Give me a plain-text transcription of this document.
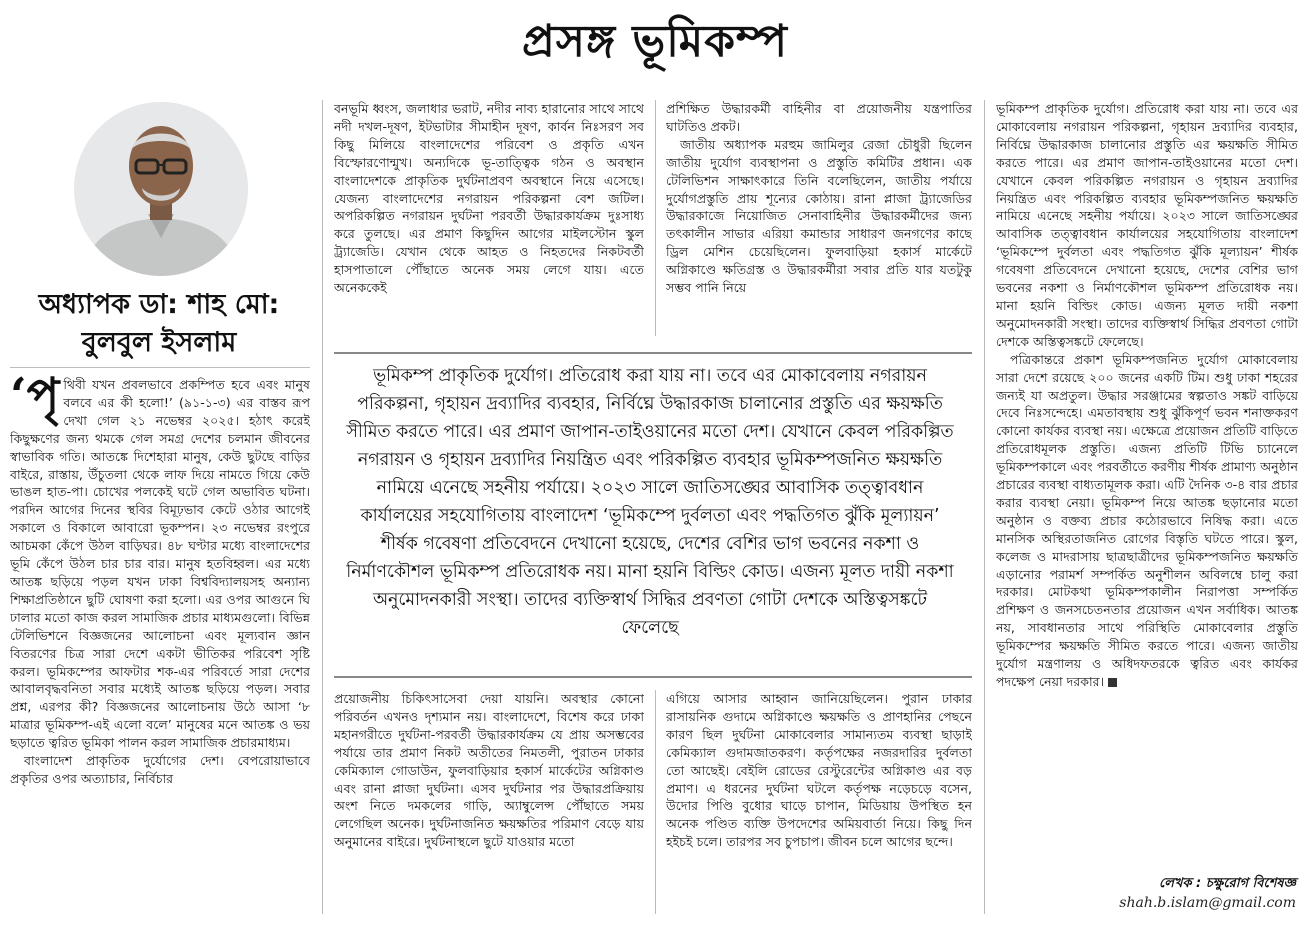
প্রসঙ্গ ভূমিকম্প
অধ্যাপক ডা: শাহ মো:
বুলবুল ইসলাম

‘পৃ থিবী যখন প্রবলভাবে প্রকম্পিত হবে এবং মানুষ বলবে এর কী হলো!’ (৯১-১-৩) এর বাস্তব রূপ দেখা গেল ২১ নভেম্বর ২০২৫। হঠাৎ করেই কিছুক্ষণের জন্য থমকে গেল সমগ্র দেশের চলমান জীবনের স্বাভাবিক গতি। আতঙ্কে দিশেহারা মানুষ, কেউ ছুটছে বাড়ির বাইরে, রাস্তায়, উঁচুতলা থেকে লাফ দিয়ে নামতে গিয়ে কেউ ভাঙল হাত-পা। চোখের পলকেই ঘটে গেল অভাবিত ঘটনা। পরদিন আগের দিনের স্থবির বিমূঢ়ভাব কেটে ওঠার আগেই সকালে ও বিকালে আবারো ভূকম্পন। ২৩ নভেম্বর রংপুরে আচমকা কেঁপে উঠল বাড়িঘর। ৪৮ ঘণ্টার মধ্যে বাংলাদেশের ভূমি কেঁপে উঠল চার চার বার। মানুষ হতবিহ্বল। এর মধ্যে আতঙ্ক ছড়িয়ে পড়ল যখন ঢাকা বিশ্ববিদ্যালয়সহ অন্যান্য শিক্ষাপ্রতিষ্ঠানে ছুটি ঘোষণা করা হলো। এর ওপর আগুনে ঘি ঢালার মতো কাজ করল সামাজিক প্রচার মাধ্যমগুলো। বিভিন্ন টেলিভিশনে বিজ্ঞজনের আলোচনা এবং মূল্যবান জ্ঞান বিতরণের চিত্র সারা দেশে একটা ভীতিকর পরিবেশ সৃষ্টি করল। ভূমিকম্পের আফটার শক-এর পরিবর্তে সারা দেশের আবালবৃদ্ধবনিতা সবার মধ্যেই আতঙ্ক ছড়িয়ে পড়ল। সবার প্রশ্ন, এরপর কী? বিজ্ঞজনের আলোচনায় উঠে আসা ‘৮ মাত্রার ভূমিকম্প-এই এলো বলে’ মানুষের মনে আতঙ্ক ও ভয় ছড়াতে ত্বরিত ভূমিকা পালন করল সামাজিক প্রচারমাধ্যম।

বাংলাদেশ প্রাকৃতিক দুর্যোগের দেশ। বেপরোয়াভাবে প্রকৃতির ওপর অত্যাচার, নির্বিচার

বনভূমি ধ্বংস, জলাধার ভরাট, নদীর নাব্য হারানোর সাথে সাথে নদী দখল-দূষণ, ইটভাটার সীমাহীন দূষণ, কার্বন নিঃসরণ সব কিছু মিলিয়ে বাংলাদেশের পরিবেশ ও প্রকৃতি এখন বিস্ফোরণোন্মুখ। অন্যদিকে ভূ-তাত্ত্বিক গঠন ও অবস্থান বাংলাদেশকে প্রাকৃতিক দুর্ঘটনাপ্রবণ অবস্থানে নিয়ে এসেছে। যেজন্য বাংলাদেশের নগরায়ন পরিকল্পনা বেশ জটিল। অপরিকল্পিত নগরায়ন দুর্ঘটনা পরবর্তী উদ্ধারকার্যক্রম দুঃসাধ্য করে তুলছে। এর প্রমাণ কিছুদিন আগের মাইলস্টোন স্কুল ট্র্যাজেডি। যেখান থেকে আহত ও নিহতদের নিকটবর্তী হাসপাতালে পৌঁছাতে অনেক সময় লেগে যায়। এতে অনেককেই

প্রশিক্ষিত উদ্ধারকর্মী বাহিনীর বা প্রয়োজনীয় যন্ত্রপাতির ঘাটতিও প্রকট।

জাতীয় অধ্যাপক মরহুম জামিলুর রেজা চৌধুরী ছিলেন জাতীয় দুর্যোগ ব্যবস্থাপনা ও প্রস্তুতি কমিটির প্রধান। এক টেলিভিশন সাক্ষাৎকারে তিনি বলেছিলেন, জাতীয় পর্যায়ে দুর্যোগপ্রস্তুতি প্রায় শূন্যের কোঠায়। রানা প্লাজা ট্র্যাজেডির উদ্ধারকাজে নিয়োজিত সেনাবাহিনীর উদ্ধারকর্মীদের জন্য তৎকালীন সাভার এরিয়া কমান্ডার সাধারণ জনগণের কাছে ড্রিল মেশিন চেয়েছিলেন। ফুলবাড়িয়া হকার্স মার্কেটে অগ্নিকাণ্ডে ক্ষতিগ্রস্ত ও উদ্ধারকর্মীরা সবার প্রতি যার যতটুকু সম্ভব পানি নিয়ে

ভূমিকম্প প্রাকৃতিক দুর্যোগ। প্রতিরোধ করা যায় না। তবে এর মোকাবেলায় নগরায়ন পরিকল্পনা, গৃহায়ন দ্রব্যাদির ব্যবহার, নির্বিঘ্নে উদ্ধারকাজ চালানোর প্রস্তুতি এর ক্ষয়ক্ষতি সীমিত করতে পারে। এর প্রমাণ জাপান-তাইওয়ানের মতো দেশ। যেখানে কেবল পরিকল্পিত নগরায়ন ও গৃহায়ন দ্রব্যাদির নিয়ন্ত্রিত এবং পরিকল্পিত ব্যবহার ভূমিকম্পজনিত ক্ষয়ক্ষতি নামিয়ে এনেছে সহনীয় পর্যায়ে। ২০২৩ সালে জাতিসঙ্ঘের আবাসিক তত্ত্বাবধান কার্যালয়ের সহযোগিতায় বাংলাদেশ ‘ভূমিকম্পে দুর্বলতা এবং পদ্ধতিগত ঝুঁকি মূল্যায়ন’ শীর্ষক গবেষণা প্রতিবেদনে দেখানো হয়েছে, দেশের বেশির ভাগ ভবনের নকশা ও নির্মাণকৌশল ভূমিকম্প প্রতিরোধক নয়। মানা হয়নি বিল্ডিং কোড। এজন্য মূলত দায়ী নকশা অনুমোদনকারী সংস্থা। তাদের ব্যক্তিস্বার্থ সিদ্ধির প্রবণতা গোটা দেশকে অস্তিত্বসঙ্কটে ফেলেছে

প্রয়োজনীয় চিকিৎসাসেবা দেয়া যায়নি। অবস্থার কোনো পরিবর্তন এখনও দৃশ্যমান নয়। বাংলাদেশে, বিশেষ করে ঢাকা মহানগরীতে দুর্ঘটনা-পরবর্তী উদ্ধারকার্যক্রম যে প্রায় অসম্ভবের পর্যায়ে তার প্রমাণ নিকট অতীতের নিমতলী, পুরাতন ঢাকার কেমিক্যাল গোডাউন, ফুলবাড়িয়ার হকার্স মার্কেটের অগ্নিকাণ্ড এবং রানা প্লাজা দুর্ঘটনা। এসব দুর্ঘটনার পর উদ্ধারপ্রক্রিয়ায় অংশ নিতে দমকলের গাড়ি, অ্যাম্বুলেন্স পৌঁছাতে সময় লেগেছিল অনেক। দুর্ঘটনাজনিত ক্ষয়ক্ষতির পরিমাণ বেড়ে যায় অনুমানের বাইরে। দুর্ঘটনাস্থলে ছুটে যাওয়ার মতো

এগিয়ে আসার আহ্বান জানিয়েছিলেন। পুরান ঢাকার রাসায়নিক গুদামে অগ্নিকাণ্ডে ক্ষয়ক্ষতি ও প্রাণহানির পেছনে কারণ ছিল দুর্ঘটনা মোকাবেলার সামান্যতম ব্যবস্থা ছাড়াই কেমিক্যাল গুদামজাতকরণ। কর্তৃপক্ষের নজরদারির দুর্বলতা তো আছেই। বেইলি রোডের রেস্টুরেন্টের অগ্নিকাণ্ড এর বড় প্রমাণ। এ ধরনের দুর্ঘটনা ঘটলে কর্তৃপক্ষ নড়েচড়ে বসেন, উদোর পিণ্ডি বুধোর ঘাড়ে চাপান, মিডিয়ায় উপস্থিত হন অনেক পণ্ডিত ব্যক্তি উপদেশের অমিয়বার্তা নিয়ে। কিছু দিন হইচই চলে। তারপর সব চুপচাপ। জীবন চলে আগের ছন্দে।

ভূমিকম্প প্রাকৃতিক দুর্যোগ। প্রতিরোধ করা যায় না। তবে এর মোকাবেলায় নগরায়ন পরিকল্পনা, গৃহায়ন দ্রব্যাদির ব্যবহার, নির্বিঘ্নে উদ্ধারকাজ চালানোর প্রস্তুতি এর ক্ষয়ক্ষতি সীমিত করতে পারে। এর প্রমাণ জাপান-তাইওয়ানের মতো দেশ। যেখানে কেবল পরিকল্পিত নগরায়ন ও গৃহায়ন দ্রব্যাদির নিয়ন্ত্রিত এবং পরিকল্পিত ব্যবহার ভূমিকম্পজনিত ক্ষয়ক্ষতি নামিয়ে এনেছে সহনীয় পর্যায়ে। ২০২৩ সালে জাতিসঙ্ঘের আবাসিক তত্ত্বাবধান কার্যালয়ের সহযোগিতায় বাংলাদেশ ‘ভূমিকম্পে দুর্বলতা এবং পদ্ধতিগত ঝুঁকি মূল্যায়ন’ শীর্ষক গবেষণা প্রতিবেদনে দেখানো হয়েছে, দেশের বেশির ভাগ ভবনের নকশা ও নির্মাণকৌশল ভূমিকম্প প্রতিরোধক নয়। মানা হয়নি বিল্ডিং কোড। এজন্য মূলত দায়ী নকশা অনুমোদনকারী সংস্থা। তাদের ব্যক্তিস্বার্থ সিদ্ধির প্রবণতা গোটা দেশকে অস্তিত্বসঙ্কটে ফেলেছে।

পত্রিকান্তরে প্রকাশ ভূমিকম্পজনিত দুর্যোগ মোকাবেলায় সারা দেশে রয়েছে ২০০ জনের একটি টিম। শুধু ঢাকা শহরের জন্যই যা অপ্রতুল। উদ্ধার সরঞ্জামের স্বল্পতাও সঙ্কট বাড়িয়ে দেবে নিঃসন্দেহে। এমতাবস্থায় শুধু ঝুঁকিপূর্ণ ভবন শনাক্তকরণ কোনো কার্যকর ব্যবস্থা নয়। এক্ষেত্রে প্রয়োজন প্রতিটি বাড়িতে প্রতিরোধমূলক প্রস্তুতি। এজন্য প্রতিটি টিভি চ্যানেলে ভূমিকম্পকালে এবং পরবর্তীতে করণীয় শীর্ষক প্রামাণ্য অনুষ্ঠান প্রচারের ব্যবস্থা বাধ্যতামূলক করা। এটি দৈনিক ৩-৪ বার প্রচার করার ব্যবস্থা নেয়া। ভূমিকম্প নিয়ে আতঙ্ক ছড়ানোর মতো অনুষ্ঠান ও বক্তব্য প্রচার কঠোরভাবে নিষিদ্ধ করা। এতে মানসিক অস্থিরতাজনিত রোগের বিস্তৃতি ঘটতে পারে। স্কুল, কলেজ ও মাদরাসায় ছাত্রছাত্রীদের ভূমিকম্পজনিত ক্ষয়ক্ষতি এড়ানোর পরামর্শ সম্পর্কিত অনুশীলন অবিলম্বে চালু করা দরকার। মোটকথা ভূমিকম্পকালীন নিরাপত্তা সম্পর্কিত প্রশিক্ষণ ও জনসচেতনতার প্রয়োজন এখন সর্বাধিক। আতঙ্ক নয়, সাবধানতার সাথে পরিস্থিতি মোকাবেলার প্রস্তুতি ভূমিকম্পের ক্ষয়ক্ষতি সীমিত করতে পারে। এজন্য জাতীয় দুর্যোগ মন্ত্রণালয় ও অধিদফতরকে ত্বরিত এবং কার্যকর পদক্ষেপ নেয়া দরকার।

লেখক : চক্ষুরোগ বিশেষজ্ঞ
shah.b.islam@gmail.com
